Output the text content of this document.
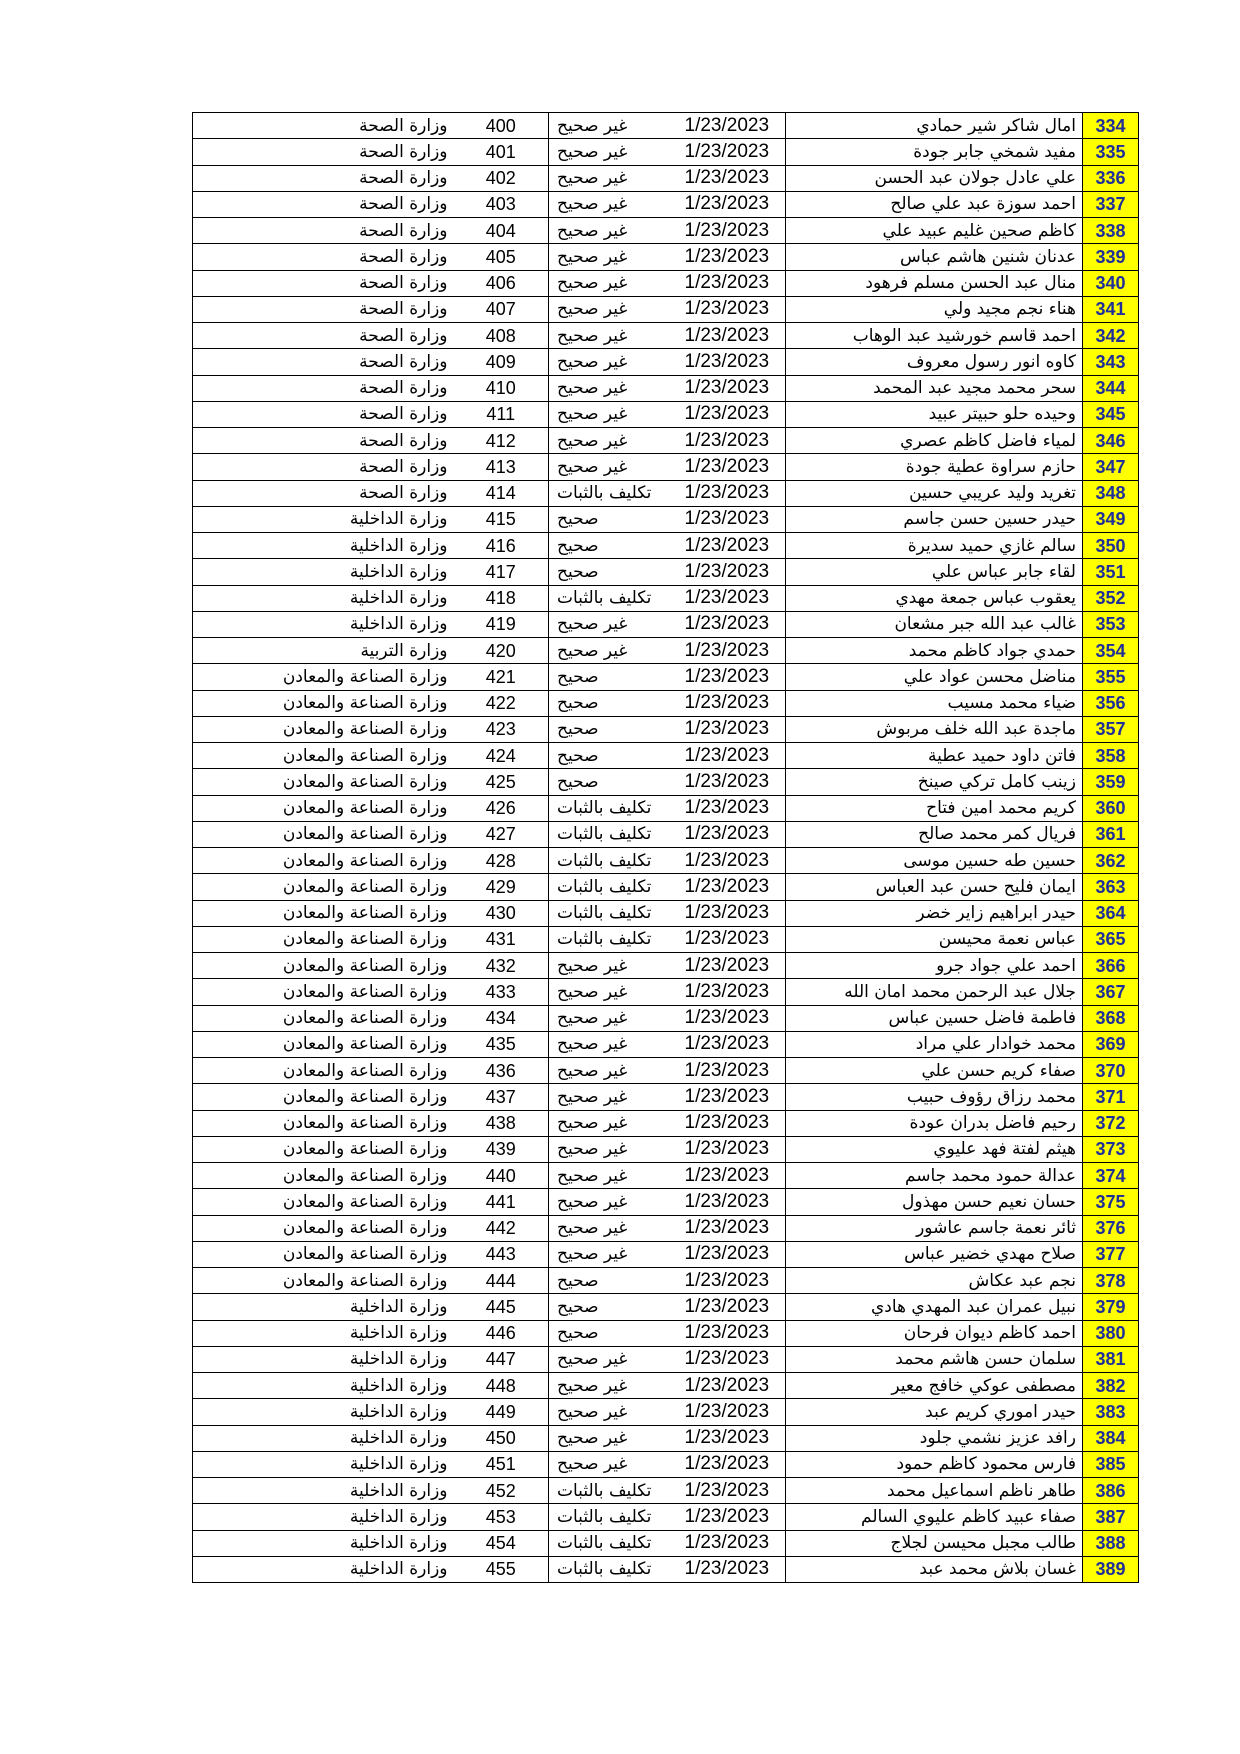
334	امال شاكر شير حمادي	1/23/2023	غير صحيح	400	وزارة الصحة
335	مفيد شمخي جابر جودة	1/23/2023	غير صحيح	401	وزارة الصحة
336	علي عادل جولان عبد الحسن	1/23/2023	غير صحيح	402	وزارة الصحة
337	احمد سوزة عبد علي صالح	1/23/2023	غير صحيح	403	وزارة الصحة
338	كاظم صحين غليم عبيد علي	1/23/2023	غير صحيح	404	وزارة الصحة
339	عدنان شنين هاشم عباس	1/23/2023	غير صحيح	405	وزارة الصحة
340	منال عبد الحسن مسلم فرهود	1/23/2023	غير صحيح	406	وزارة الصحة
341	هناء نجم مجيد ولي	1/23/2023	غير صحيح	407	وزارة الصحة
342	احمد قاسم خورشيد عبد الوهاب	1/23/2023	غير صحيح	408	وزارة الصحة
343	كاوه انور رسول معروف	1/23/2023	غير صحيح	409	وزارة الصحة
344	سحر محمد مجيد عبد المحمد	1/23/2023	غير صحيح	410	وزارة الصحة
345	وحيده حلو حبيتر عبيد	1/23/2023	غير صحيح	411	وزارة الصحة
346	لمياء فاضل كاظم عصري	1/23/2023	غير صحيح	412	وزارة الصحة
347	حازم سراوة عطية جودة	1/23/2023	غير صحيح	413	وزارة الصحة
348	تغريد وليد عريبي حسين	1/23/2023	تكليف بالثبات	414	وزارة الصحة
349	حيدر حسين حسن جاسم	1/23/2023	صحيح	415	وزارة الداخلية
350	سالم غازي حميد سديرة	1/23/2023	صحيح	416	وزارة الداخلية
351	لقاء جابر عباس علي	1/23/2023	صحيح	417	وزارة الداخلية
352	يعقوب عباس جمعة مهدي	1/23/2023	تكليف بالثبات	418	وزارة الداخلية
353	غالب عبد الله جبر مشعان	1/23/2023	غير صحيح	419	وزارة الداخلية
354	حمدي جواد كاظم محمد	1/23/2023	غير صحيح	420	وزارة التربية
355	مناضل محسن عواد علي	1/23/2023	صحيح	421	وزارة الصناعة والمعادن
356	ضياء محمد مسيب	1/23/2023	صحيح	422	وزارة الصناعة والمعادن
357	ماجدة عبد الله خلف مربوش	1/23/2023	صحيح	423	وزارة الصناعة والمعادن
358	فاتن داود حميد عطية	1/23/2023	صحيح	424	وزارة الصناعة والمعادن
359	زينب كامل تركي صينخ	1/23/2023	صحيح	425	وزارة الصناعة والمعادن
360	كريم محمد امين فتاح	1/23/2023	تكليف بالثبات	426	وزارة الصناعة والمعادن
361	فريال كمر محمد صالح	1/23/2023	تكليف بالثبات	427	وزارة الصناعة والمعادن
362	حسين طه حسين موسى	1/23/2023	تكليف بالثبات	428	وزارة الصناعة والمعادن
363	ايمان فليح حسن عبد العباس	1/23/2023	تكليف بالثبات	429	وزارة الصناعة والمعادن
364	حيدر ابراهيم زاير خضر	1/23/2023	تكليف بالثبات	430	وزارة الصناعة والمعادن
365	عباس نعمة محيسن	1/23/2023	تكليف بالثبات	431	وزارة الصناعة والمعادن
366	احمد علي جواد جرو	1/23/2023	غير صحيح	432	وزارة الصناعة والمعادن
367	جلال عبد الرحمن محمد امان الله	1/23/2023	غير صحيح	433	وزارة الصناعة والمعادن
368	فاطمة فاضل حسين عباس	1/23/2023	غير صحيح	434	وزارة الصناعة والمعادن
369	محمد خوادار علي مراد	1/23/2023	غير صحيح	435	وزارة الصناعة والمعادن
370	صفاء كريم حسن علي	1/23/2023	غير صحيح	436	وزارة الصناعة والمعادن
371	محمد رزاق رؤوف حبيب	1/23/2023	غير صحيح	437	وزارة الصناعة والمعادن
372	رحيم فاضل بدران عودة	1/23/2023	غير صحيح	438	وزارة الصناعة والمعادن
373	هيثم لفتة فهد عليوي	1/23/2023	غير صحيح	439	وزارة الصناعة والمعادن
374	عدالة حمود محمد جاسم	1/23/2023	غير صحيح	440	وزارة الصناعة والمعادن
375	حسان نعيم حسن مهذول	1/23/2023	غير صحيح	441	وزارة الصناعة والمعادن
376	ثائر نعمة جاسم عاشور	1/23/2023	غير صحيح	442	وزارة الصناعة والمعادن
377	صلاح مهدي خضير عباس	1/23/2023	غير صحيح	443	وزارة الصناعة والمعادن
378	نجم عبد عكاش	1/23/2023	صحيح	444	وزارة الصناعة والمعادن
379	نبيل عمران عبد المهدي هادي	1/23/2023	صحيح	445	وزارة الداخلية
380	احمد كاظم ديوان فرحان	1/23/2023	صحيح	446	وزارة الداخلية
381	سلمان حسن هاشم محمد	1/23/2023	غير صحيح	447	وزارة الداخلية
382	مصطفى عوكي خافج معير	1/23/2023	غير صحيح	448	وزارة الداخلية
383	حيدر اموري كريم عبد	1/23/2023	غير صحيح	449	وزارة الداخلية
384	رافد عزيز نشمي جلود	1/23/2023	غير صحيح	450	وزارة الداخلية
385	فارس محمود كاظم حمود	1/23/2023	غير صحيح	451	وزارة الداخلية
386	طاهر ناظم اسماعيل محمد	1/23/2023	تكليف بالثبات	452	وزارة الداخلية
387	صفاء عبيد كاظم عليوي السالم	1/23/2023	تكليف بالثبات	453	وزارة الداخلية
388	طالب مجبل محيسن لجلاج	1/23/2023	تكليف بالثبات	454	وزارة الداخلية
389	غسان بلاش محمد عبد	1/23/2023	تكليف بالثبات	455	وزارة الداخلية
